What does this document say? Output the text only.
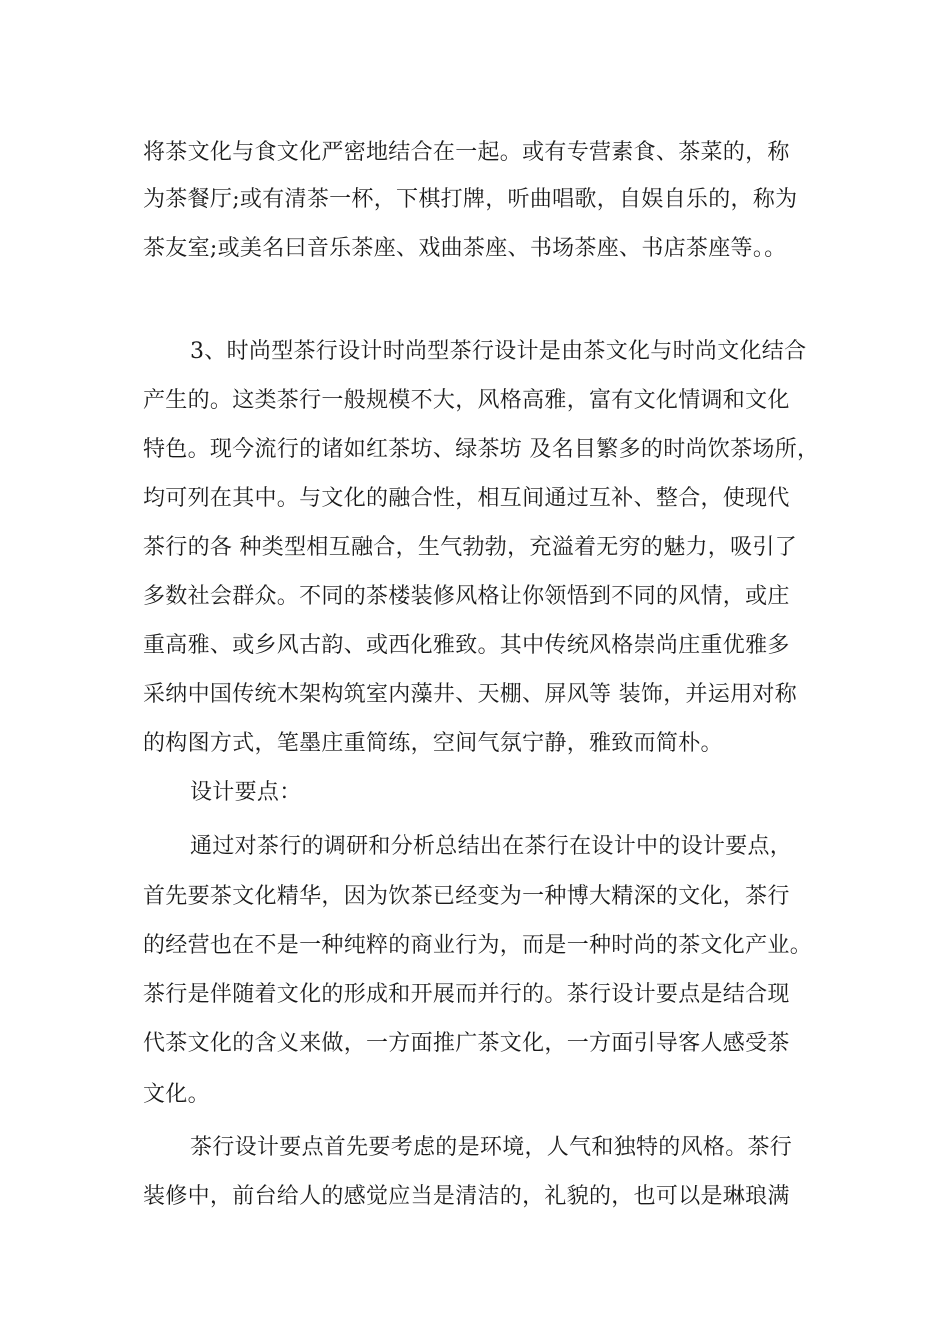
将茶文化与食文化严密地结合在一起。或有专营素食、茶菜的，称
为茶餐厅;或有清茶一杯，下棋打牌，听曲唱歌，自娱自乐的，称为
茶友室;或美名曰音乐茶座、戏曲茶座、书场茶座、书店茶座等。。
3、时尚型茶行设计时尚型茶行设计是由茶文化与时尚文化结合
产生的。这类茶行一般规模不大，风格高雅，富有文化情调和文化
特色。现今流行的诸如红茶坊、绿茶坊 及名目繁多的时尚饮茶场所，
均可列在其中。与文化的融合性，相互间通过互补、整合，使现代
茶行的各 种类型相互融合，生气勃勃，充溢着无穷的魅力，吸引了
多数社会群众。不同的茶楼装修风格让你领悟到不同的风情，或庄
重高雅、或乡风古韵、或西化雅致。其中传统风格崇尚庄重优雅多
采纳中国传统木架构筑室内藻井、天棚、屏风等 装饰，并运用对称
的构图方式，笔墨庄重简练，空间气氛宁静，雅致而简朴。
设计要点：
通过对茶行的调研和分析总结出在茶行在设计中的设计要点，
首先要茶文化精华，因为饮茶已经变为一种博大精深的文化，茶行
的经营也在不是一种纯粹的商业行为，而是一种时尚的茶文化产业。
茶行是伴随着文化的形成和开展而并行的。茶行设计要点是结合现
代茶文化的含义来做，一方面推广茶文化，一方面引导客人感受茶
文化。
茶行设计要点首先要考虑的是环境，人气和独特的风格。茶行
装修中，前台给人的感觉应当是清洁的，礼貌的，也可以是琳琅满
